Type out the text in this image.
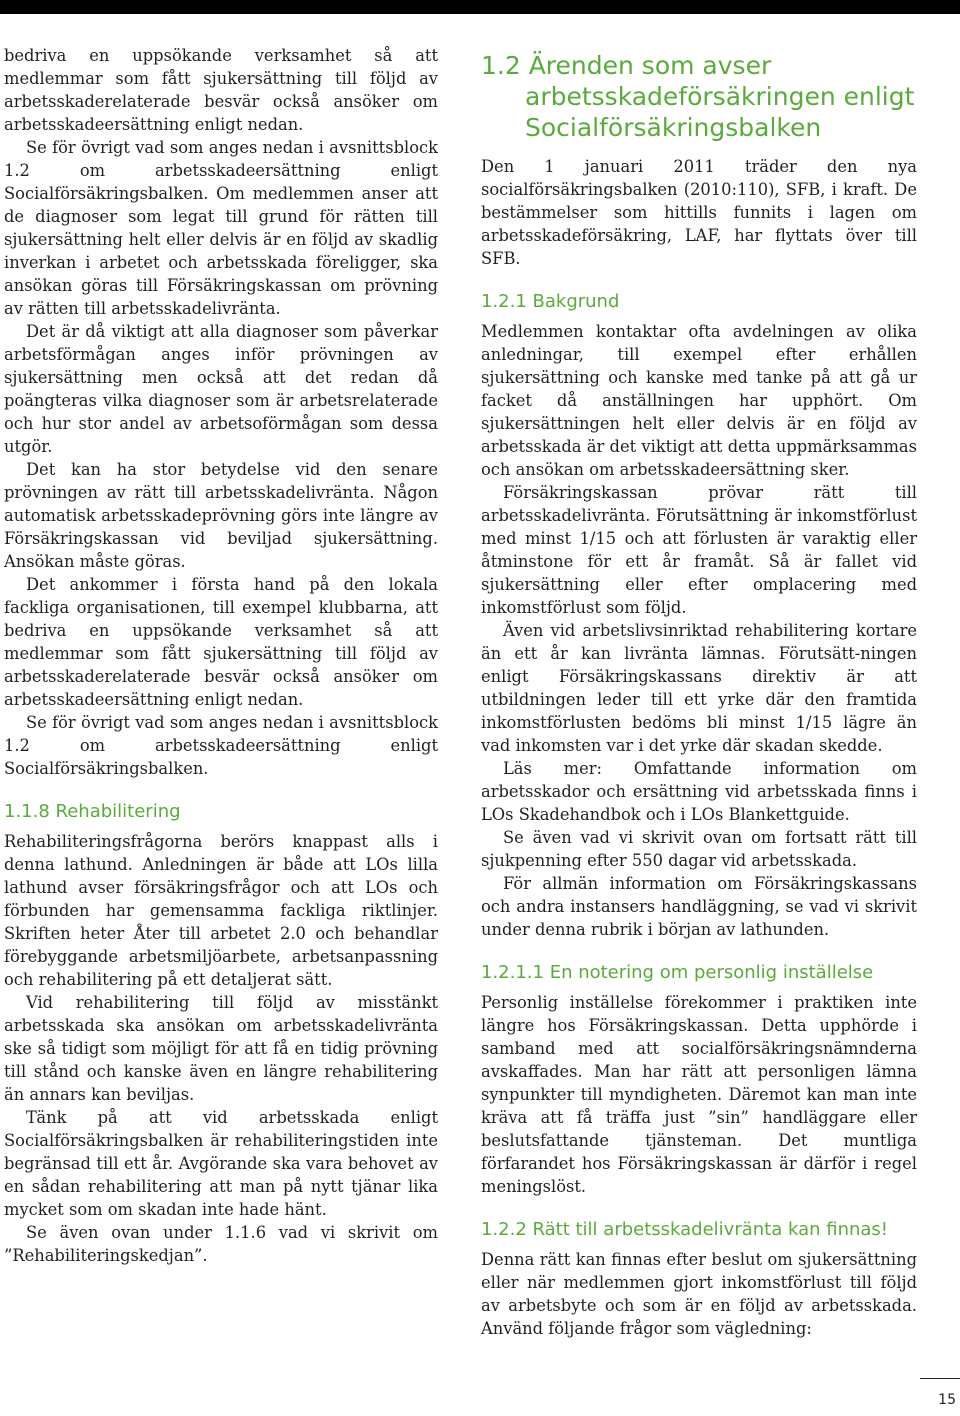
bedriva en uppsökande verksamhet så att medlemmar som fått sjukersättning till följd av arbetsskaderelaterade besvär också ansöker om arbetsskadeersättning enligt nedan.

Se för övrigt vad som anges nedan i avsnittsblock 1.2 om arbetsskadeersättning enligt Socialförsäkringsbalken. Om medlemmen anser att de diagnoser som legat till grund för rätten till sjukersättning helt eller delvis är en följd av skadlig inverkan i arbetet och arbetsskada föreligger, ska ansökan göras till Försäkringskassan om prövning av rätten till arbetsskadelivränta.

Det är då viktigt att alla diagnoser som påverkar arbetsförmågan anges inför prövningen av sjukersättning men också att det redan då poängteras vilka diagnoser som är arbetsrelaterade och hur stor andel av arbetsoförmågan som dessa utgör.

Det kan ha stor betydelse vid den senare prövningen av rätt till arbetsskadelivränta. Någon automatisk arbetsskadeprövning görs inte längre av Försäkringskassan vid beviljad sjukersättning. Ansökan måste göras.

Det ankommer i första hand på den lokala fackliga organisationen, till exempel klubbarna, att bedriva en uppsökande verksamhet så att medlemmar som fått sjukersättning till följd av arbetsskaderelaterade besvär också ansöker om arbetsskadeersättning enligt nedan.

Se för övrigt vad som anges nedan i avsnittsblock 1.2 om arbetsskadeersättning enligt Socialförsäkringsbalken.

1.1.8 Rehabilitering

Rehabiliteringsfrågorna berörs knappast alls i denna lathund. Anledningen är både att LOs lilla lathund avser försäkringsfrågor och att LOs och förbunden har gemensamma fackliga riktlinjer. Skriften heter Åter till arbetet 2.0 och behandlar förebyggande arbetsmiljöarbete, arbetsanpassning och rehabilitering på ett detaljerat sätt.

Vid rehabilitering till följd av misstänkt arbetsskada ska ansökan om arbetsskadelivränta ske så tidigt som möjligt för att få en tidig prövning till stånd och kanske även en längre rehabilitering än annars kan beviljas.

Tänk på att vid arbetsskada enligt Socialförsäkringsbalken är rehabiliteringstiden inte begränsad till ett år. Avgörande ska vara behovet av en sådan rehabilitering att man på nytt tjänar lika mycket som om skadan inte hade hänt.

Se även ovan under 1.1.6 vad vi skrivit om ”Rehabiliteringskedjan”.

1.2 Ärenden som avser arbetsskadeförsäkringen enligt Socialförsäkringsbalken

Den 1 januari 2011 träder den nya socialförsäkringsbalken (2010:110), SFB, i kraft. De bestämmelser som hittills funnits i lagen om arbetsskadeförsäkring, LAF, har flyttats över till SFB.

1.2.1 Bakgrund

Medlemmen kontaktar ofta avdelningen av olika anledningar, till exempel efter erhållen sjukersättning och kanske med tanke på att gå ur facket då anställningen har upphört. Om sjukersättningen helt eller delvis är en följd av arbetsskada är det viktigt att detta uppmärksammas och ansökan om arbetsskadeersättning sker.

Försäkringskassan prövar rätt till arbetsskadelivränta. Förutsättning är inkomstförlust med minst 1/15 och att förlusten är varaktig eller åtminstone för ett år framåt. Så är fallet vid sjukersättning eller efter omplacering med inkomstförlust som följd.

Även vid arbetslivsinriktad rehabilitering kortare än ett år kan livränta lämnas. Förutsätt-ningen enligt Försäkringskassans direktiv är att utbildningen leder till ett yrke där den framtida inkomstförlusten bedöms bli minst 1/15 lägre än vad inkomsten var i det yrke där skadan skedde.

Läs mer: Omfattande information om arbetsskador och ersättning vid arbetsskada finns i LOs Skadehandbok och i LOs Blankettguide.

Se även vad vi skrivit ovan om fortsatt rätt till sjukpenning efter 550 dagar vid arbetsskada.

För allmän information om Försäkringskassans och andra instansers handläggning, se vad vi skrivit under denna rubrik i början av lathunden.

1.2.1.1 En notering om personlig inställelse

Personlig inställelse förekommer i praktiken inte längre hos Försäkringskassan. Detta upphörde i samband med att socialförsäkringsnämnderna avskaffades. Man har rätt att personligen lämna synpunkter till myndigheten. Däremot kan man inte kräva att få träffa just ”sin” handläggare eller beslutsfattande tjänsteman. Det muntliga förfarandet hos Försäkringskassan är därför i regel meningslöst.

1.2.2 Rätt till arbetsskadelivränta kan finnas!

Denna rätt kan finnas efter beslut om sjukersättning eller när medlemmen gjort inkomstförlust till följd av arbetsbyte och som är en följd av arbetsskada. Använd följande frågor som vägledning:

15
